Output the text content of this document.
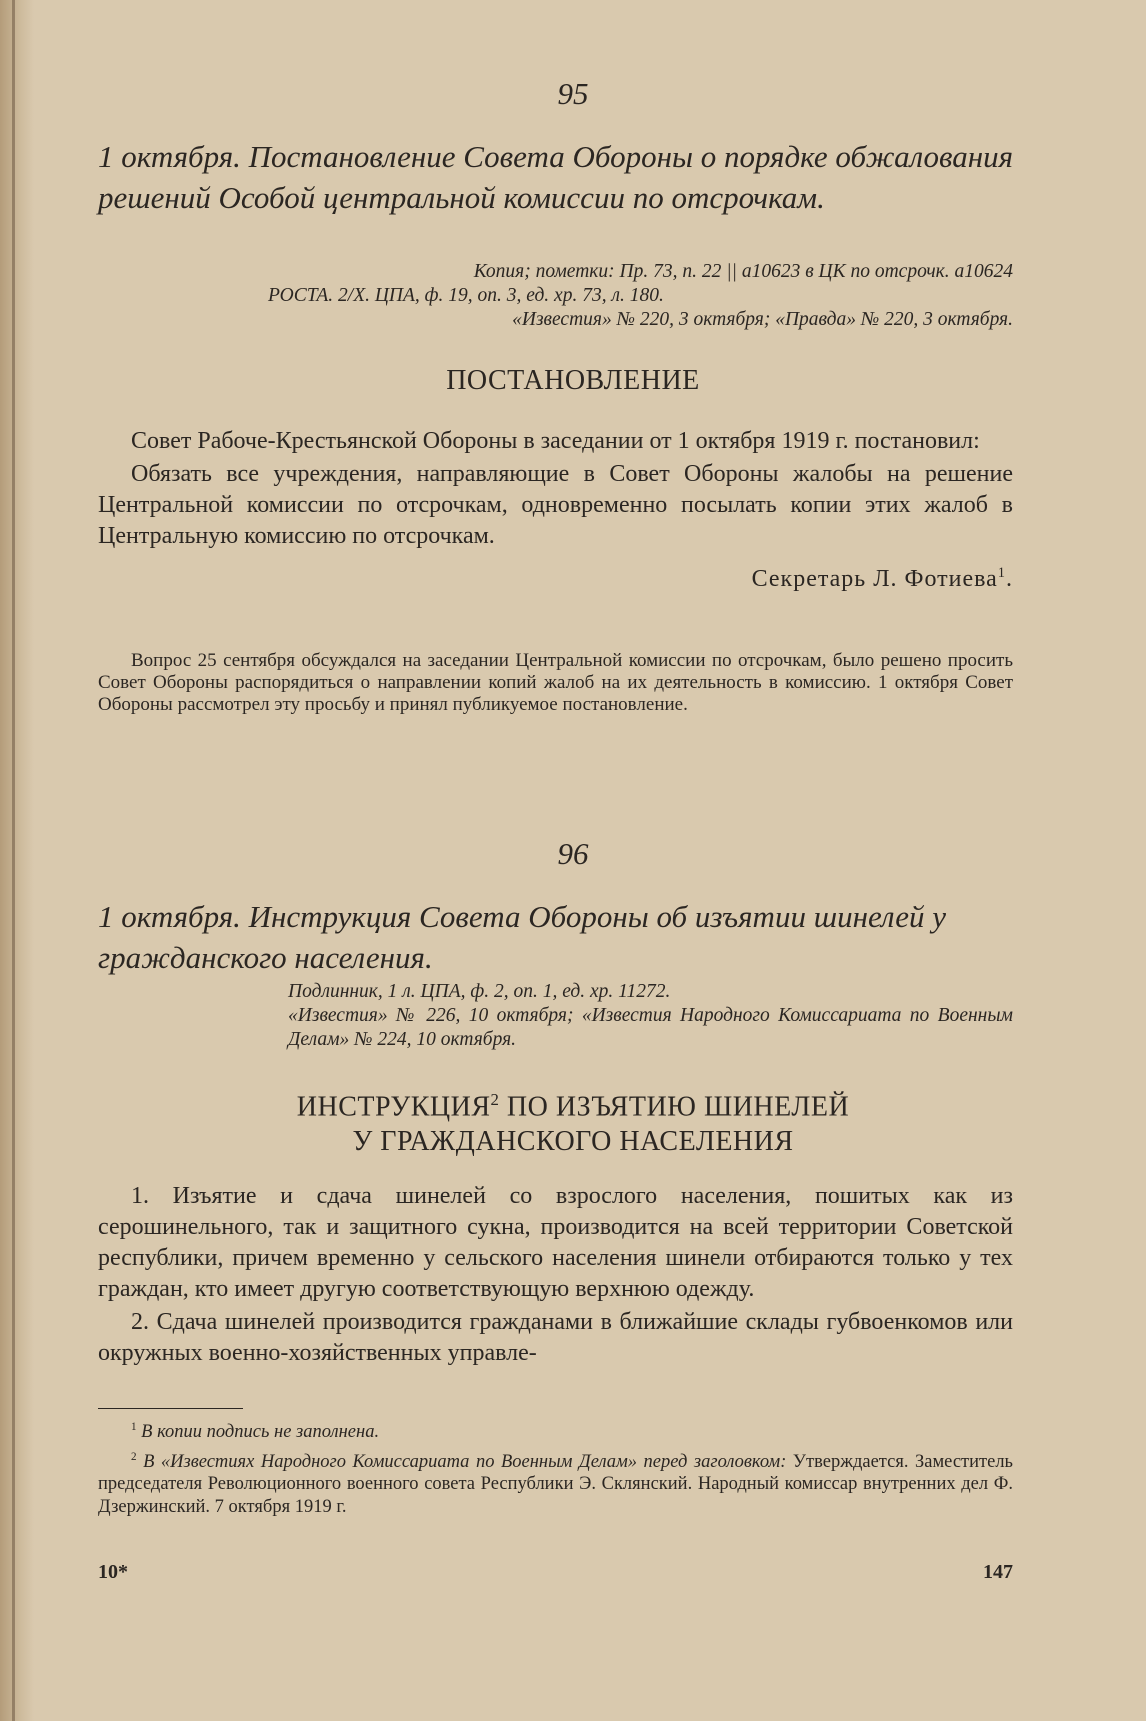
95

1 октября. Постановление Совета Обороны о порядке обжалования решений Особой центральной комиссии по отсрочкам.

Копия; пометки: Пр. 73, п. 22 || а10623 в ЦК по отсрочк. а10624
РОСТА. 2/Х. ЦПА, ф. 19, оп. 3, ед. хр. 73, л. 180.
«Известия» № 220, 3 октября; «Правда» № 220, 3 октября.
ПОСТАНОВЛЕНИЕ

Совет Рабоче-Крестьянской Обороны в заседании от 1 октября 1919 г. постановил:

Обязать все учреждения, направляющие в Совет Обороны жалобы на решение Центральной комиссии по отсрочкам, одновременно посылать копии этих жалоб в Центральную комиссию по отсрочкам.

Секретарь Л. Фотиева$^1$.

Вопрос 25 сентября обсуждался на заседании Центральной комиссии по отсрочкам, было решено просить Совет Обороны распорядиться о направлении копий жалоб на их деятельность в комиссию. 1 октября Совет Обороны рассмотрел эту просьбу и принял публикуемое постановление.

96

1 октября. Инструкция Совета Обороны об изъятии шинелей у гражданского населения.

Подлинник, 1 л. ЦПА, ф. 2, оп. 1, ед. хр. 11272.
«Известия» № 226, 10 октября; «Известия Народного Комиссариата по Военным Делам» № 224, 10 октября.
ИНСТРУКЦИЯ$^2$ ПО ИЗЪЯТИЮ ШИНЕЛЕЙ
У ГРАЖДАНСКОГО НАСЕЛЕНИЯ

1. Изъятие и сдача шинелей со взрослого населения, пошитых как из серошинельного, так и защитного сукна, производится на всей территории Советской республики, причем временно у сельского населения шинели отбираются только у тех граждан, кто имеет другую соответствующую верхнюю одежду.

2. Сдача шинелей производится гражданами в ближайшие склады губвоенкомов или окружных военно-хозяйственных управле-

$^1$ В копии подпись не заполнена.

$^2$ В «Известиях Народного Комиссариата по Военным Делам» перед заголовком: Утверждается. Заместитель председателя Революционного военного совета Республики Э. Склянский. Народный комиссар внутренних дел Ф. Дзержинский. 7 октября 1919 г.

10*	147
